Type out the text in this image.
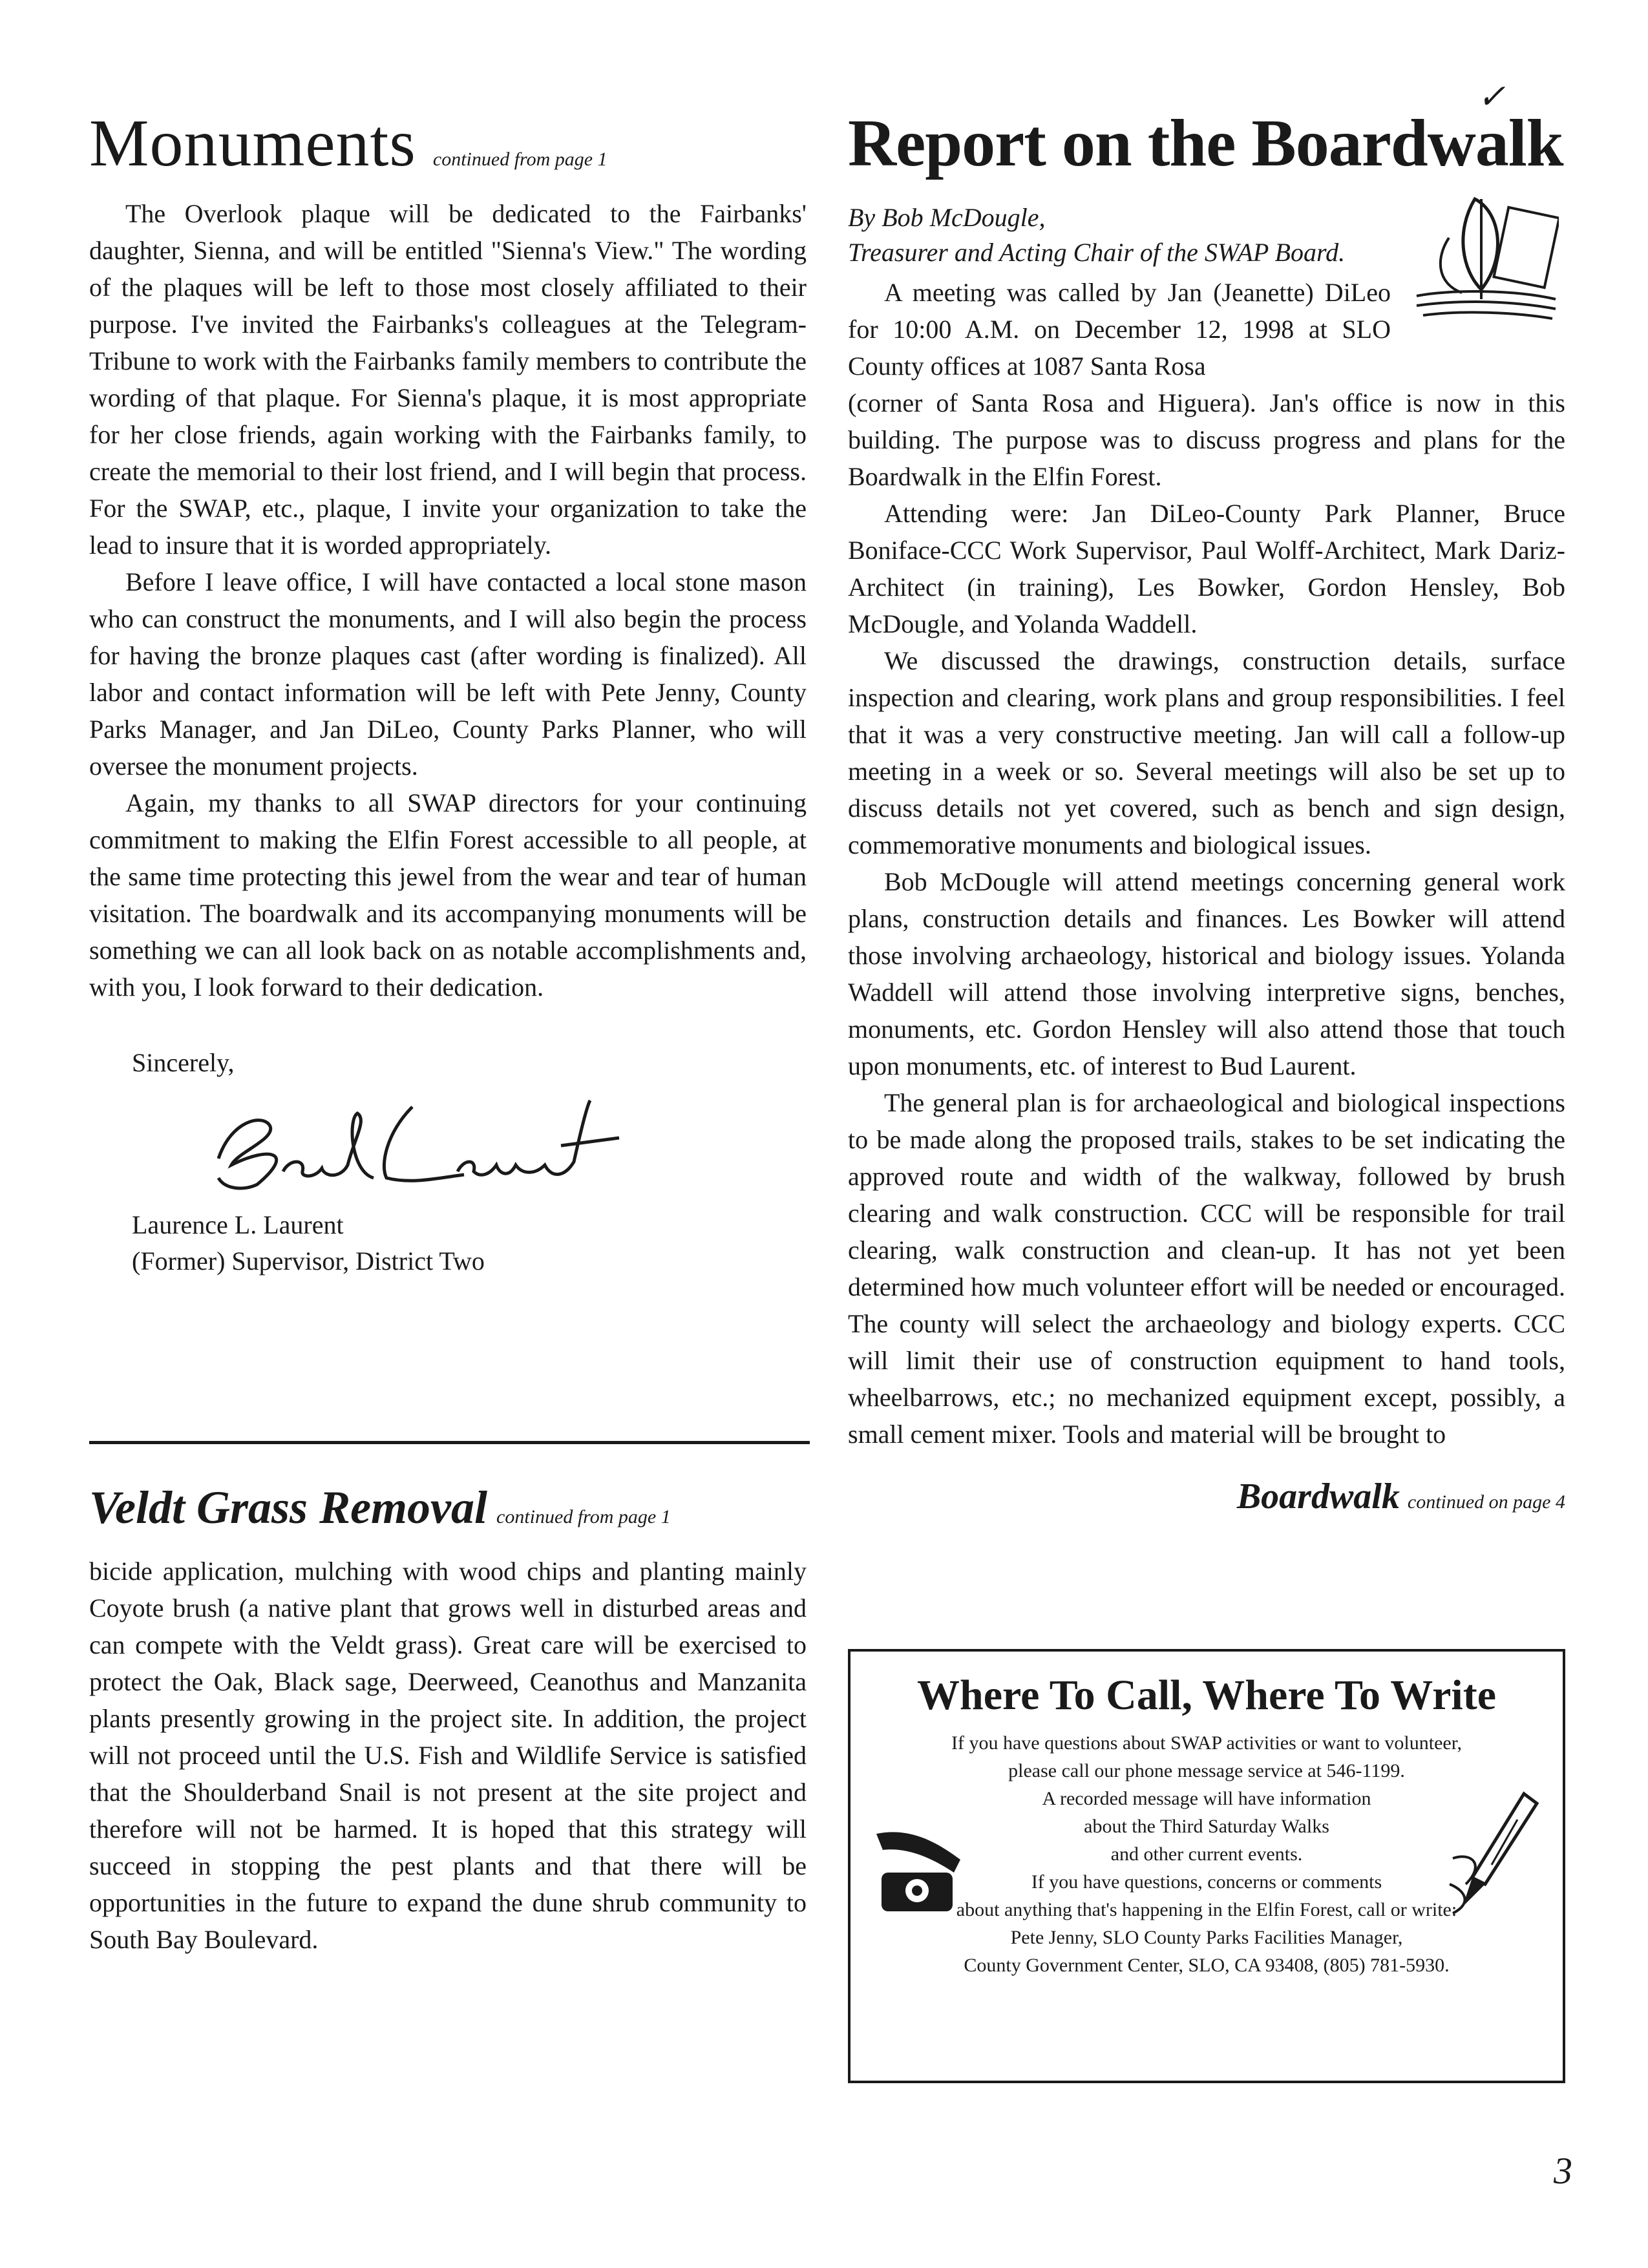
✓
Monuments continued from page 1

The Overlook plaque will be dedicated to the Fairbanks' daughter, Sienna, and will be entitled "Sienna's View." The wording of the plaques will be left to those most closely affiliated to their purpose. I've invited the Fairbanks's colleagues at the Telegram-Tribune to work with the Fairbanks family members to contribute the wording of that plaque. For Sienna's plaque, it is most appropriate for her close friends, again working with the Fairbanks family, to create the memorial to their lost friend, and I will begin that process. For the SWAP, etc., plaque, I invite your organization to take the lead to insure that it is worded appropriately.

Before I leave office, I will have contacted a local stone mason who can construct the monuments, and I will also begin the process for having the bronze plaques cast (after wording is finalized). All labor and contact information will be left with Pete Jenny, County Parks Manager, and Jan DiLeo, County Parks Planner, who will oversee the monument projects.

Again, my thanks to all SWAP directors for your continuing commitment to making the Elfin Forest accessible to all people, at the same time protecting this jewel from the wear and tear of human visitation. The boardwalk and its accompanying monuments will be something we can all look back on as notable accomplishments and, with you, I look forward to their dedication.

Sincerely,
Laurence L. Laurent
(Former) Supervisor, District Two
Veldt Grass Removal continued from page 1

bicide application, mulching with wood chips and planting mainly Coyote brush (a native plant that grows well in disturbed areas and can compete with the Veldt grass). Great care will be exercised to protect the Oak, Black sage, Deerweed, Ceanothus and Manzanita plants presently growing in the project site. In addition, the project will not proceed until the U.S. Fish and Wildlife Service is satisfied that the Shoulderband Snail is not present at the site project and therefore will not be harmed. It is hoped that this strategy will succeed in stopping the pest plants and that there will be opportunities in the future to expand the dune shrub community to South Bay Boulevard.

Report on the Boardwalk
By Bob McDougle,
Treasurer and Acting Chair of the SWAP Board.

A meeting was called by Jan (Jeanette) DiLeo for 10:00 A.M. on December 12, 1998 at SLO County offices at 1087 Santa Rosa

(corner of Santa Rosa and Higuera). Jan's office is now in this building. The purpose was to discuss progress and plans for the Boardwalk in the Elfin Forest.

Attending were: Jan DiLeo-County Park Planner, Bruce Boniface-CCC Work Supervisor, Paul Wolff-Architect, Mark Dariz-Architect (in training), Les Bowker, Gordon Hensley, Bob McDougle, and Yolanda Waddell.

We discussed the drawings, construction details, surface inspection and clearing, work plans and group responsibilities. I feel that it was a very constructive meeting. Jan will call a follow-up meeting in a week or so. Several meetings will also be set up to discuss details not yet covered, such as bench and sign design, commemorative monuments and biological issues.

Bob McDougle will attend meetings concerning general work plans, construction details and finances. Les Bowker will attend those involving archaeology, historical and biology issues. Yolanda Waddell will attend those involving interpretive signs, benches, monuments, etc. Gordon Hensley will also attend those that touch upon monuments, etc. of interest to Bud Laurent.

The general plan is for archaeological and biological inspections to be made along the proposed trails, stakes to be set indicating the approved route and width of the walkway, followed by brush clearing and walk construction. CCC will be responsible for trail clearing, walk construction and clean-up. It has not yet been determined how much volunteer effort will be needed or encouraged. The county will select the archaeology and biology experts. CCC will limit their use of construction equipment to hand tools, wheelbarrows, etc.; no mechanized equipment except, possibly, a small cement mixer. Tools and material will be brought to

Boardwalk continued on page 4
Where To Call, Where To Write
If you have questions about SWAP activities or want to volunteer,
please call our phone message service at 546-1199.
A recorded message will have information
about the Third Saturday Walks
and other current events.
If you have questions, concerns or comments
about anything that's happening in the Elfin Forest, call or write:
Pete Jenny, SLO County Parks Facilities Manager,
County Government Center, SLO, CA 93408, (805) 781-5930.
3
